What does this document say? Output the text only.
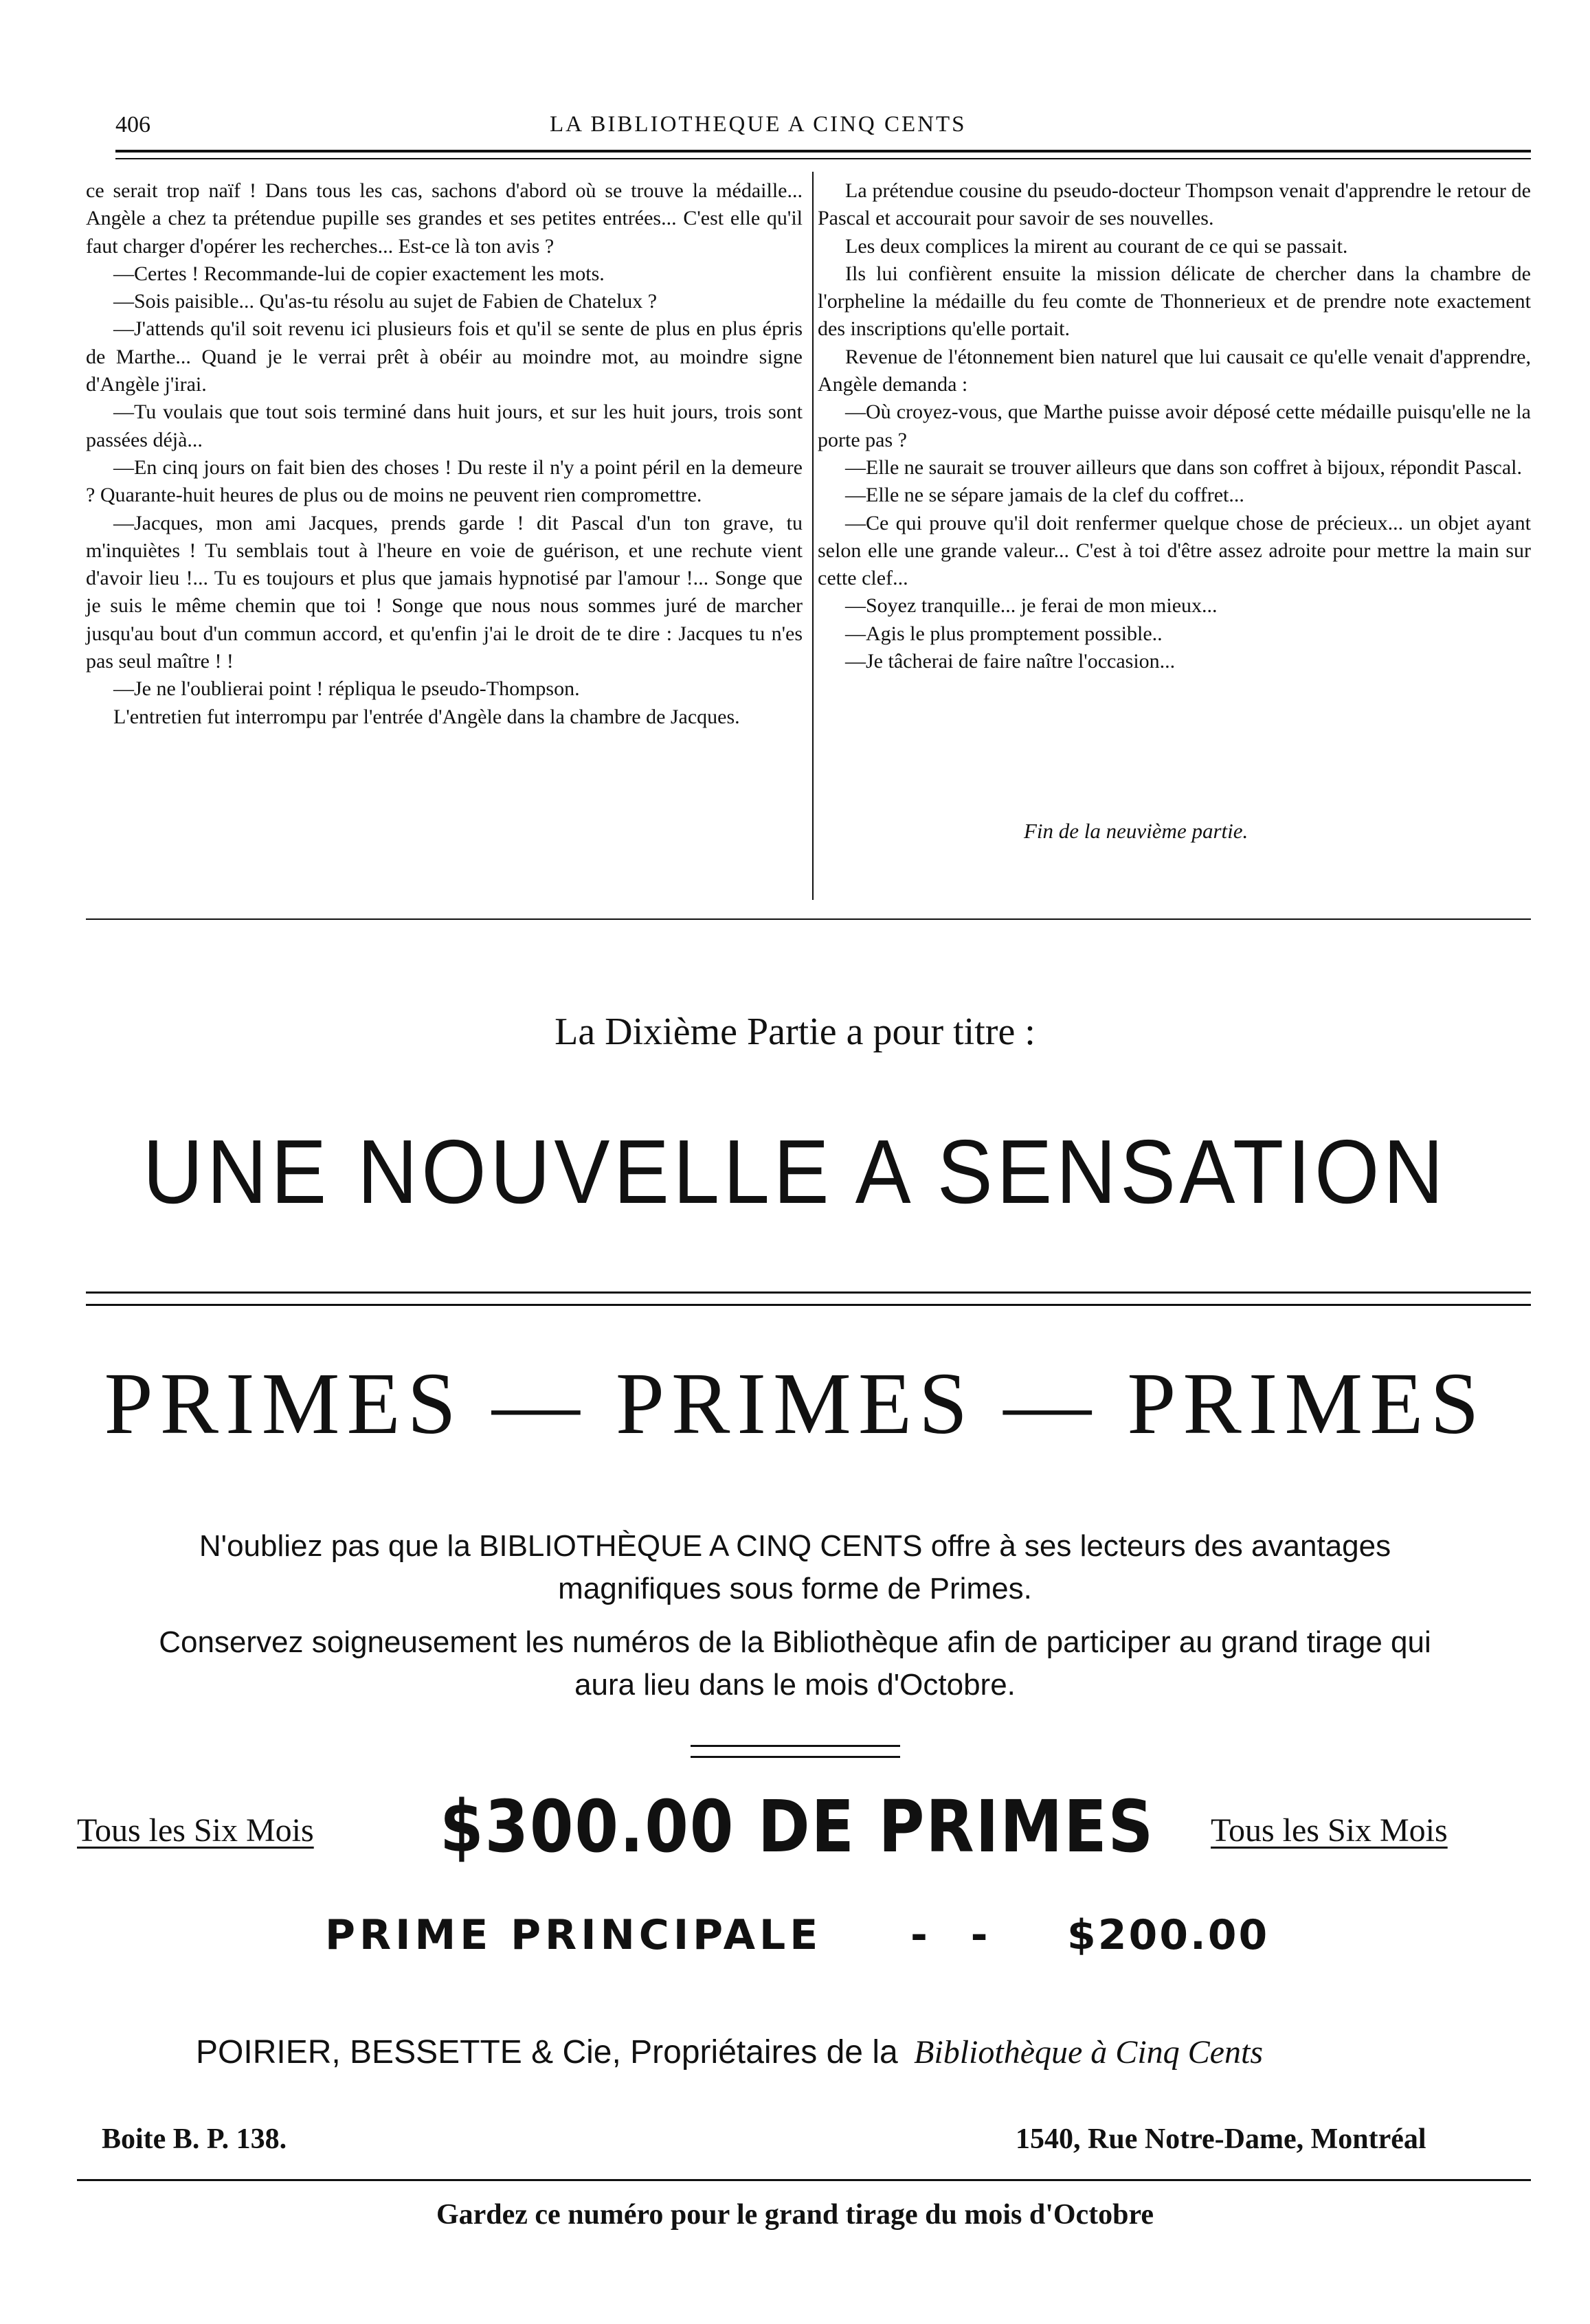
406	LA BIBLIOTHEQUE A CINQ CENTS

ce serait trop naïf ! Dans tous les cas, sachons d'abord où se trouve la médaille... Angèle a chez ta prétendue pupille ses grandes et ses petites entrées... C'est elle qu'il faut charger d'opérer les recherches... Est-ce là ton avis ?

—Certes ! Recommande-lui de copier exactement les mots.

—Sois paisible... Qu'as-tu résolu au sujet de Fabien de Chatelux ?

—J'attends qu'il soit revenu ici plusieurs fois et qu'il se sente de plus en plus épris de Marthe... Quand je le verrai prêt à obéir au moindre mot, au moindre signe d'Angèle j'irai.

—Tu voulais que tout sois terminé dans huit jours, et sur les huit jours, trois sont passées déjà...

—En cinq jours on fait bien des choses ! Du reste il n'y a point péril en la demeure ? Quarante-huit heures de plus ou de moins ne peuvent rien compromettre.

—Jacques, mon ami Jacques, prends garde ! dit Pascal d'un ton grave, tu m'inquiètes ! Tu semblais tout à l'heure en voie de guérison, et une rechute vient d'avoir lieu !... Tu es toujours et plus que jamais hypnotisé par l'amour !... Songe que je suis le même chemin que toi ! Songe que nous nous sommes juré de marcher jusqu'au bout d'un commun accord, et qu'enfin j'ai le droit de te dire : Jacques tu n'es pas seul maître ! !

—Je ne l'oublierai point ! répliqua le pseudo-Thompson.

L'entretien fut interrompu par l'entrée d'Angèle dans la chambre de Jacques.

La prétendue cousine du pseudo-docteur Thompson venait d'apprendre le retour de Pascal et accourait pour savoir de ses nouvelles.

Les deux complices la mirent au courant de ce qui se passait.

Ils lui confièrent ensuite la mission délicate de chercher dans la chambre de l'orpheline la médaille du feu comte de Thonnerieux et de prendre note exactement des inscriptions qu'elle portait.

Revenue de l'étonnement bien naturel que lui causait ce qu'elle venait d'apprendre, Angèle demanda :

—Où croyez-vous, que Marthe puisse avoir déposé cette médaille puisqu'elle ne la porte pas ?

—Elle ne saurait se trouver ailleurs que dans son coffret à bijoux, répondit Pascal.

—Elle ne se sépare jamais de la clef du coffret...

—Ce qui prouve qu'il doit renfermer quelque chose de précieux... un objet ayant selon elle une grande valeur... C'est à toi d'être assez adroite pour mettre la main sur cette clef...

—Soyez tranquille... je ferai de mon mieux...

—Agis le plus promptement possible..

—Je tâcherai de faire naître l'occasion...

Fin de la neuvième partie.
La Dixième Partie a pour titre :
UNE NOUVELLE A SENSATION
PRIMES — PRIMES — PRIMES
N'oubliez pas que la BIBLIOTHÈQUE A CINQ CENTS offre à ses lecteurs des avantages magnifiques sous forme de Primes.
Conservez soigneusement les numéros de la Bibliothèque afin de participer au grand tirage qui aura lieu dans le mois d'Octobre.
Tous les Six Mois $300.00 DE PRIMES Tous les Six Mois
PRIME PRINCIPALE -   - $200.00
POIRIER, BESSETTE & Cie, Propriétaires de la Bibliothèque à Cinq Cents
Boite B. P. 138.	1540, Rue Notre-Dame, Montréal
Gardez ce numéro pour le grand tirage du mois d'Octobre
